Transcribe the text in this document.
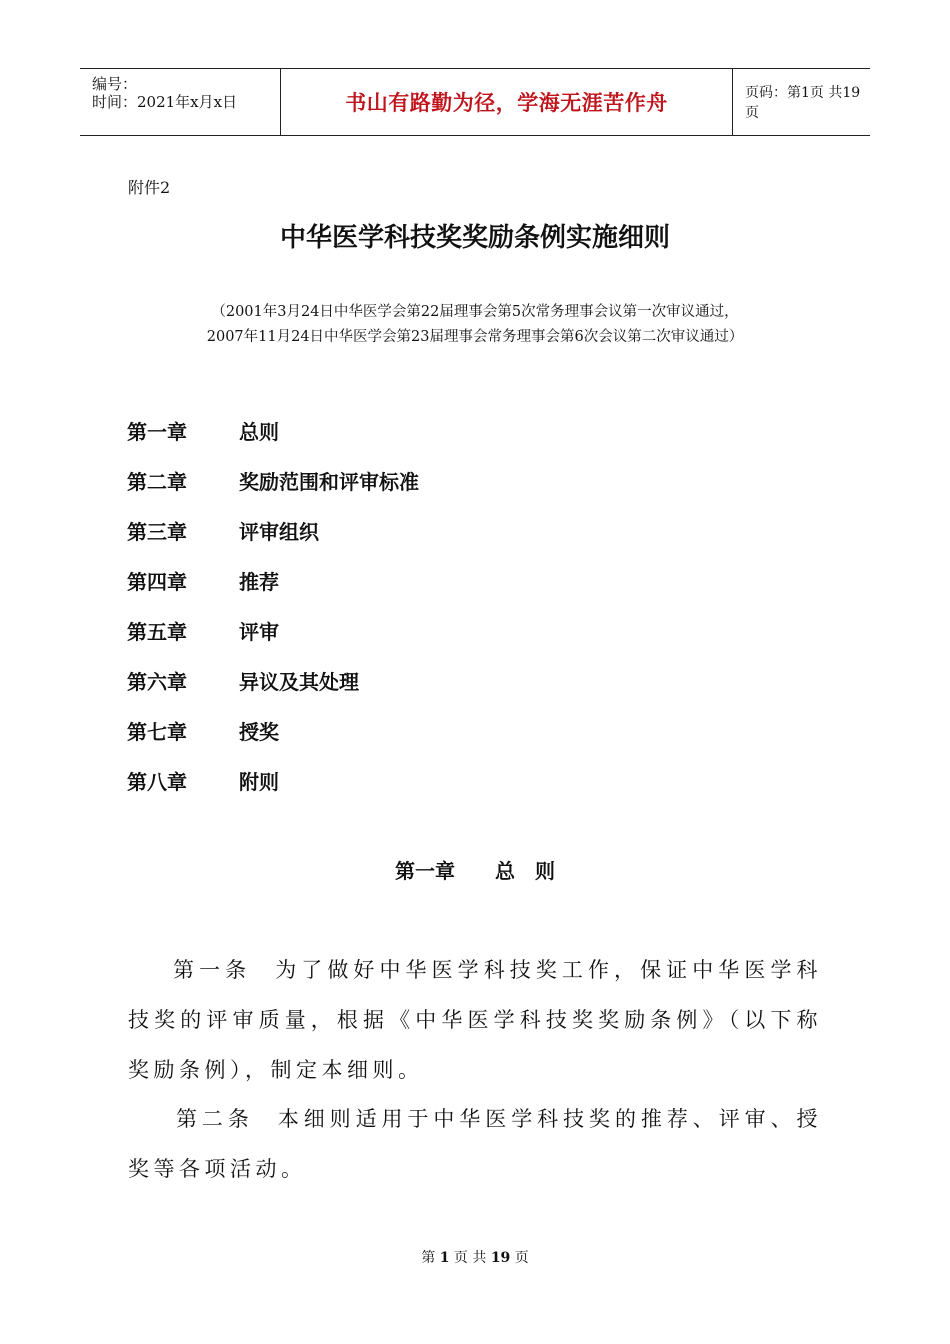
编号：
时间：2021年x月x日	书山有路勤为径，学海无涯苦作舟	页码：第1页 共19页
附件2
中华医学科技奖奖励条例实施细则
（2001年3月24日中华医学会第22届理事会第5次常务理事会议第一次审议通过，
2007年11月24日中华医学会第23届理事会常务理事会第6次会议第二次审议通过）
第一章	总则
第二章	奖励范围和评审标准
第三章	评审组织
第四章	推荐
第五章	评审
第六章	异议及其处理
第七章	授奖
第八章	附则
第一章 总 则
第一条 为了做好中华医学科技奖工作，保证中华医学科技奖的评审质量，根据《中华医学科技奖奖励条例》（以下称奖励条例），制定本细则。
第二条 本细则适用于中华医学科技奖的推荐、评审、授奖等各项活动。
第 1 页 共 19 页
